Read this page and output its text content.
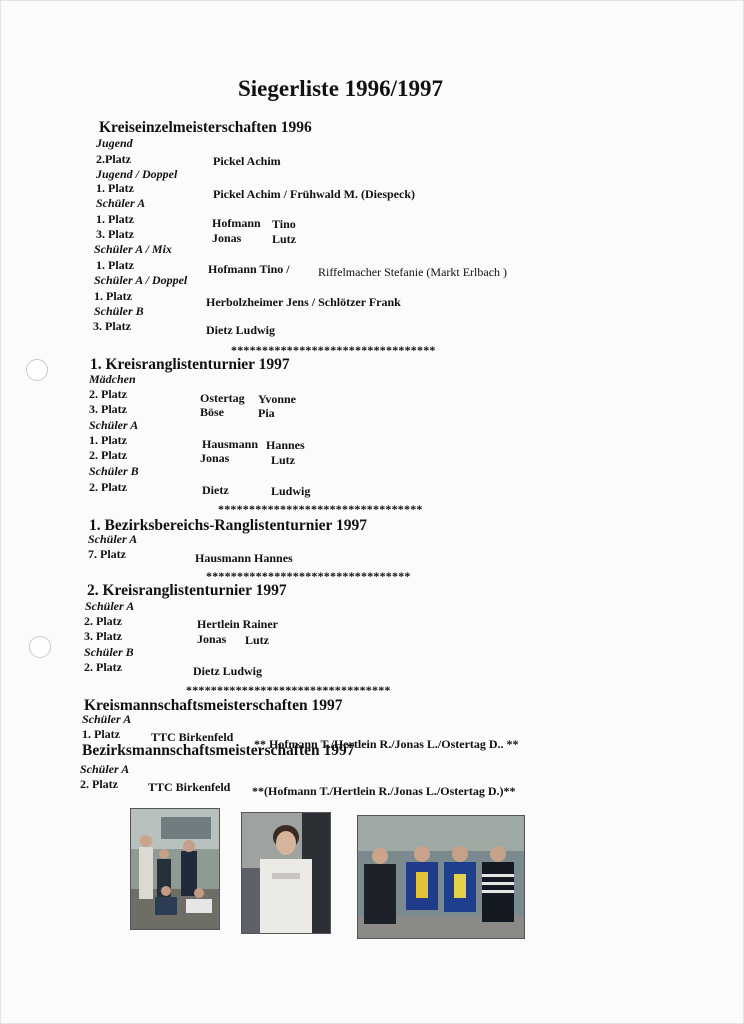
Siegerliste 1996/1997
Kreiseinzelmeisterschaften 1996
Jugend
2.Platz	Pickel Achim
Jugend / Doppel
1. Platz	Pickel Achim / Frühwald M. (Diespeck)
Schüler A
1. Platz	Hofmann Tino
3. Platz	Jonas	Lutz
Schüler A / Mix
1. Platz	Hofmann Tino / Riffelmacher Stefanie (Markt Erlbach )
Schüler A / Doppel
1. Platz	Herbolzheimer Jens / Schlötzer Frank
Schüler B
3. Platz	Dietz Ludwig
*********************************
1. Kreisranglistenturnier 1997
Mädchen
2. Platz	Ostertag Yvonne
3. Platz	Böse	Pia
Schüler A
1. Platz	Hausmann Hannes
2. Platz	Jonas	Lutz
Schüler B
2. Platz	Dietz	Ludwig
*********************************
1. Bezirksbereichs-Ranglistenturnier 1997
Schüler A
7. Platz	Hausmann Hannes
*********************************
2. Kreisranglistenturnier 1997
Schüler A
2. Platz	Hertlein Rainer
3. Platz	Jonas Lutz
Schüler B
2. Platz	Dietz Ludwig
*********************************
Kreismannschaftsmeisterschaften 1997
Schüler A
1. Platz	TTC Birkenfeld ** Hofmann T./Hertlein R./Jonas L./Ostertag D.. **
Bezirksmannschaftsmeisterschaften 1997
Schüler A
2. Platz	TTC Birkenfeld **(Hofmann T./Hertlein R./Jonas L./Ostertag D.)**
